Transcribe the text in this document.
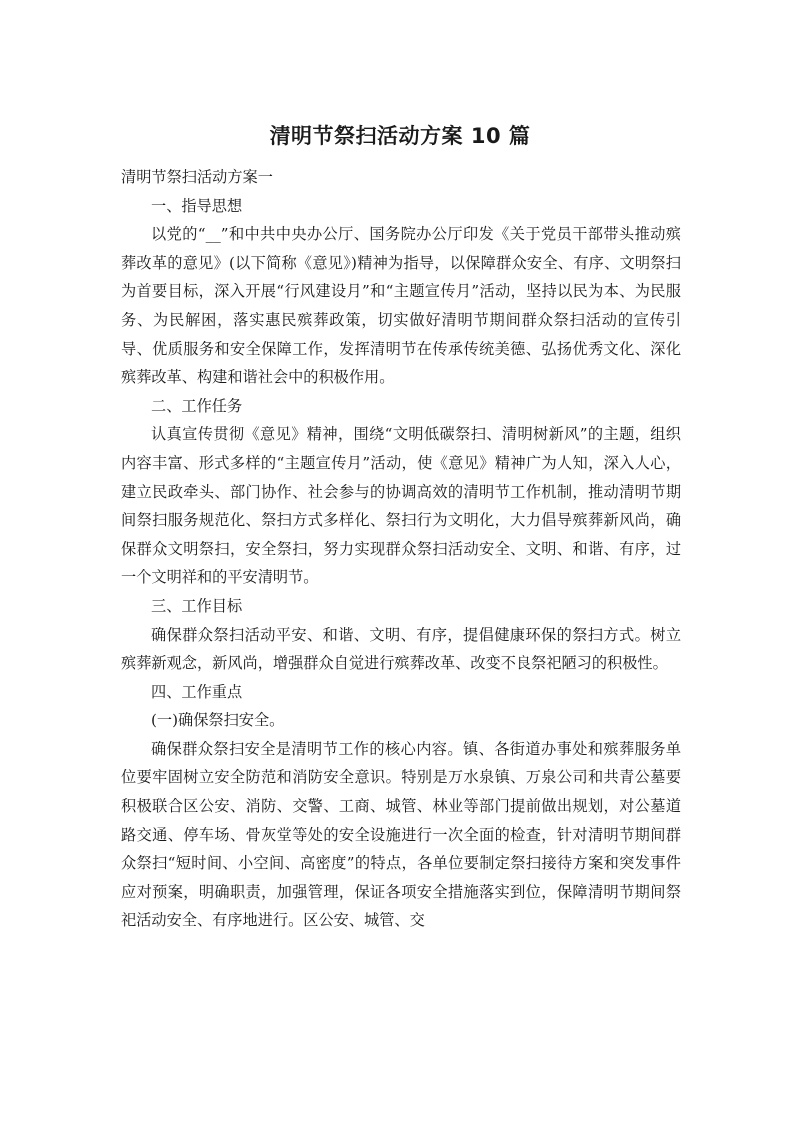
清明节祭扫活动方案 10 篇

清明节祭扫活动方案一

一、指导思想

以党的“__”和中共中央办公厅、国务院办公厅印发《关于党员干部带头推动殡葬改革的意见》(以下简称《意见》)精神为指导，以保障群众安全、有序、文明祭扫为首要目标，深入开展“行风建设月”和“主题宣传月”活动，坚持以民为本、为民服务、为民解困，落实惠民殡葬政策，切实做好清明节期间群众祭扫活动的宣传引导、优质服务和安全保障工作，发挥清明节在传承传统美德、弘扬优秀文化、深化殡葬改革、构建和谐社会中的积极作用。

二、工作任务

认真宣传贯彻《意见》精神，围绕“文明低碳祭扫、清明树新风”的主题，组织内容丰富、形式多样的“主题宣传月”活动，使《意见》精神广为人知，深入人心，建立民政牵头、部门协作、社会参与的协调高效的清明节工作机制，推动清明节期间祭扫服务规范化、祭扫方式多样化、祭扫行为文明化，大力倡导殡葬新风尚，确保群众文明祭扫，安全祭扫，努力实现群众祭扫活动安全、文明、和谐、有序，过一个文明祥和的平安清明节。

三、工作目标

确保群众祭扫活动平安、和谐、文明、有序，提倡健康环保的祭扫方式。树立殡葬新观念，新风尚，增强群众自觉进行殡葬改革、改变不良祭祀陋习的积极性。

四、工作重点

(一)确保祭扫安全。

确保群众祭扫安全是清明节工作的核心内容。镇、各街道办事处和殡葬服务单位要牢固树立安全防范和消防安全意识。特别是万水泉镇、万泉公司和共青公墓要积极联合区公安、消防、交警、工商、城管、林业等部门提前做出规划，对公墓道路交通、停车场、骨灰堂等处的安全设施进行一次全面的检查，针对清明节期间群众祭扫“短时间、小空间、高密度”的特点，各单位要制定祭扫接待方案和突发事件应对预案，明确职责，加强管理，保证各项安全措施落实到位，保障清明节期间祭祀活动安全、有序地进行。区公安、城管、交
